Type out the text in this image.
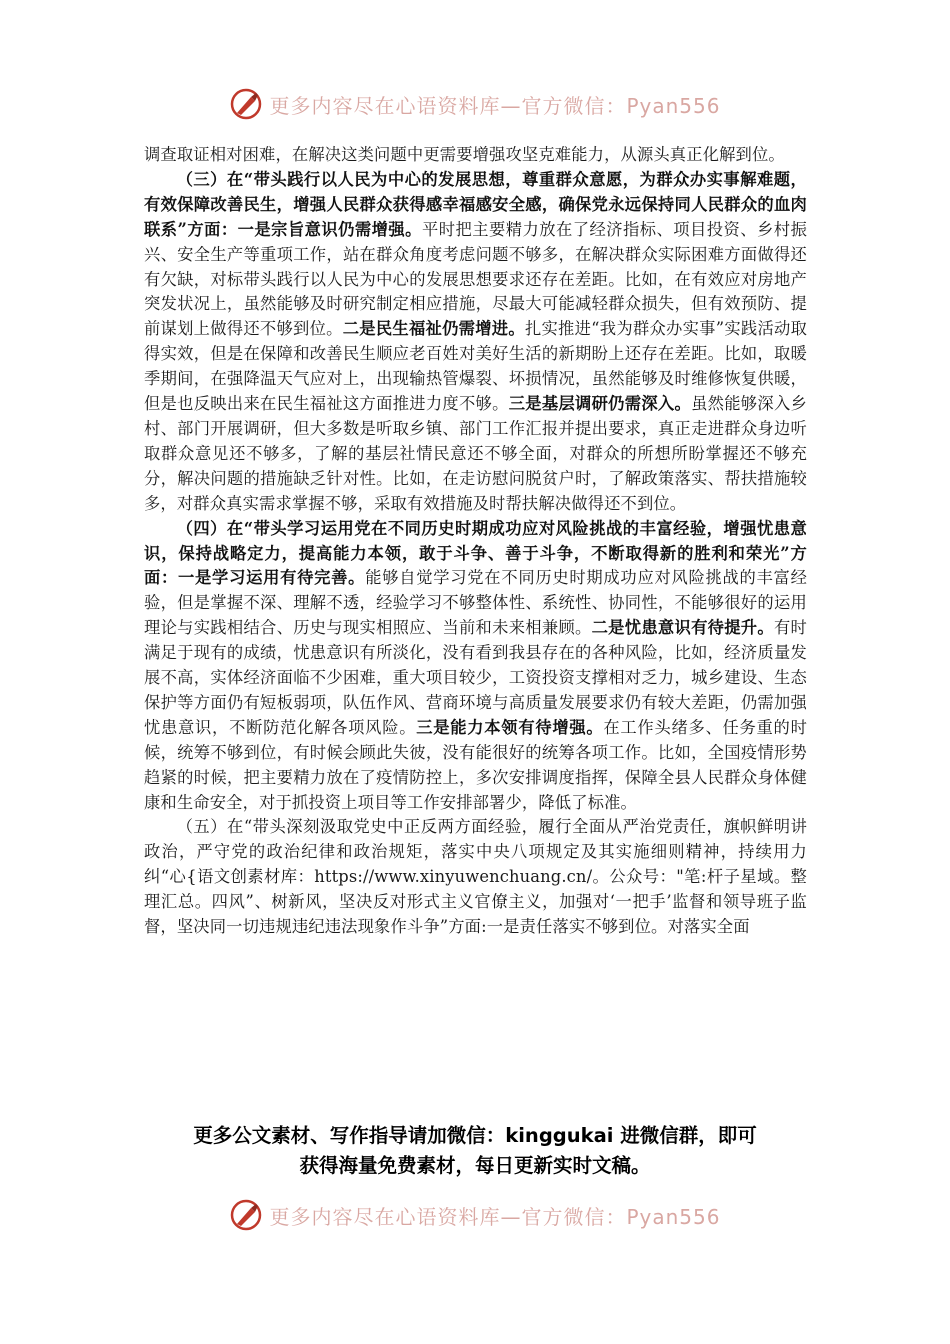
更多内容尽在心语资料库—官方微信：Pyan556

调查取证相对困难，在解决这类问题中更需要增强攻坚克难能力，从源头真正化解到位。

（三）在“带头践行以人民为中心的发展思想，尊重群众意愿，为群众办实事解难题，有效保障改善民生，增强人民群众获得感幸福感安全感，确保党永远保持同人民群众的血肉联系”方面：一是宗旨意识仍需增强。平时把主要精力放在了经济指标、项目投资、乡村振兴、安全生产等重项工作，站在群众角度考虑问题不够多，在解决群众实际困难方面做得还有欠缺，对标带头践行以人民为中心的发展思想要求还存在差距。比如，在有效应对房地产突发状况上，虽然能够及时研究制定相应措施，尽最大可能减轻群众损失，但有效预防、提前谋划上做得还不够到位。二是民生福祉仍需增进。扎实推进“我为群众办实事”实践活动取得实效，但是在保障和改善民生顺应老百姓对美好生活的新期盼上还存在差距。比如，取暖季期间，在强降温天气应对上，出现输热管爆裂、坏损情况，虽然能够及时维修恢复供暖，但是也反映出来在民生福祉这方面推进力度不够。三是基层调研仍需深入。虽然能够深入乡村、部门开展调研，但大多数是听取乡镇、部门工作汇报并提出要求，真正走进群众身边听取群众意见还不够多，了解的基层社情民意还不够全面，对群众的所想所盼掌握还不够充分，解决问题的措施缺乏针对性。比如，在走访慰问脱贫户时，了解政策落实、帮扶措施较多，对群众真实需求掌握不够，采取有效措施及时帮扶解决做得还不到位。

（四）在“带头学习运用党在不同历史时期成功应对风险挑战的丰富经验，增强忧患意识，保持战略定力，提高能力本领，敢于斗争、善于斗争，不断取得新的胜利和荣光”方面：一是学习运用有待完善。能够自觉学习党在不同历史时期成功应对风险挑战的丰富经验，但是掌握不深、理解不透，经验学习不够整体性、系统性、协同性，不能够很好的运用理论与实践相结合、历史与现实相照应、当前和未来相兼顾。二是忧患意识有待提升。有时满足于现有的成绩，忧患意识有所淡化，没有看到我县存在的各种风险，比如，经济质量发展不高，实体经济面临不少困难，重大项目较少，工资投资支撑相对乏力，城乡建设、生态保护等方面仍有短板弱项，队伍作风、营商环境与高质量发展要求仍有较大差距，仍需加强忧患意识，不断防范化解各项风险。三是能力本领有待增强。在工作头绪多、任务重的时候，统筹不够到位，有时候会顾此失彼，没有能很好的统筹各项工作。比如，全国疫情形势趋紧的时候，把主要精力放在了疫情防控上，多次安排调度指挥，保障全县人民群众身体健康和生命安全，对于抓投资上项目等工作安排部署少，降低了标准。

（五）在“带头深刻汲取党史中正反两方面经验，履行全面从严治党责任，旗帜鲜明讲政治，严守党的政治纪律和政治规矩，落实中央八项规定及其实施细则精神，持续用力纠“心{语文创素材库：https://www.xinyuwenchuang.cn/。公众号："笔:杆子星域。整理汇总。四风”、树新风，坚决反对形式主义官僚主义，加强对‘一把手’监督和领导班子监督，坚决同一切违规违纪违法现象作斗争”方面:一是责任落实不够到位。对落实全面

更多公文素材、写作指导请加微信：kinggukai 进微信群，即可
获得海量免费素材，每日更新实时文稿。
更多内容尽在心语资料库—官方微信：Pyan556
